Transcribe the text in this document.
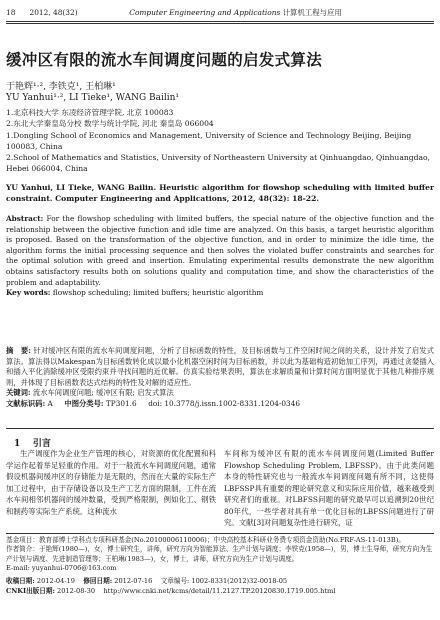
18 2012, 48(32)	Computer Engineering and Applications 计算机工程与应用
缓冲区有限的流水车间调度问题的启发式算法
于艳辉¹·², 李铁克¹, 王柏琳¹
YU Yanhui¹·², LI Tieke¹, WANG Bailin¹
1.北京科技大学 东凌经济管理学院, 北京 100083
2.东北大学秦皇岛分校 数学与统计学院, 河北 秦皇岛 066004
1.Dongling School of Economics and Management, University of Science and Technology Beijing, Beijing 100083, China
2.School of Mathematics and Statistics, University of Northeastern University at Qinhuangdao, Qinhuangdao, Hebei 066004, China
YU Yanhui, LI Tieke, WANG Bailin. Heuristic algorithm for flowshop scheduling with limited buffer constraint. Computer Engineering and Applications, 2012, 48(32): 18-22.
Abstract: For the flowshop scheduling with limited buffers, the special nature of the objective function and the relationship between the objective function and idle time are analyzed. On this basis, a target heuristic algorithm is proposed. Based on the transformation of the objective function, and in order to minimize the idle time, the algorithm forms the initial processing sequence and then solves the violated buffer constraints and searches for the optimal solution with greed and insertion. Emulating experimental results demonstrate the new algorithm obtains satisfactory results both on solutions quality and computation time, and show the characteristics of the problem and adaptability.
Key words: flowshop scheduling; limited buffers; heuristic algorithm
摘　要: 针对缓冲区有限的流水车间调度问题，分析了目标函数的特性，及目标函数与工件空闲时间之间的关系，设计并发了启发式算法。算法得以Makespan为目标函数转化成以最小化机器空闲时间为目标函数，并以此为基础构造初始加工序列，再通过贪婪插入和插入平化消除缓冲区受限约束并寻找问题的近优解。仿真实验结果表明，算法在求解质量和计算时间方面明显优于其他几种排序规则，并体现了目标函数表达式结构的特性及对解的适应性。
关键词: 流水车间调度问题; 缓冲区有限; 启发式算法
文献标识码: A 中图分类号: TP301.6 doi: 10.3778/j.issn.1002-8331.1204-0346
1 引言
生产调度作为企业生产管理的核心，对资源的优化配置和科学运作起着举足轻重的作用。对于一般流水车间调度问题，通常假设机器间缓冲区的存储能力是无限的，然而在大量的实际生产加工过程中，由于存储设备以及生产工艺方面的限制，工件在流水车间相邻机器间的缓冲数量，受到严格限制，例如化工、钢铁和制药等实际生产系统。这种流水
车间称为缓冲区有限的流水车间调度问题(Limited Buffer Flowshop Scheduling Problem, LBFSSP)。由于此类问题本身的特性研究也与一般流水车间调度问题有所不同，这使得LBFSSP具有重要的理论研究意义和实际应用价值，越来越受到研究者们的重视。对LBFSS问题的研究最早可以追溯到20世纪80年代，一些学者对具有单一优化目标的LBFSS问题进行了研究。文献[3]对问题复杂性进行研究，证
基金项目：教育部博士学科点专项科研基金(No.20100006110006)；中央高校基本科研业务费专项资金资助(No.FRF-AS-11-013B)。
作者简介：于艳辉(1980—)，女，博士研究生，讲师，研究方向为智能算法、生产计划与调度；李铁克(1958—)，男，博士生导师，研究方向为生产计划与调度、先进制造管理等；王柏琳(1983—)，女，博士，讲师，研究方向为生产计划与调度。
E-mail: yuyanhui-0706@163.com
收稿日期: 2012-04-19 修回日期: 2012-07-16 文章编号: 1002-8331(2012)32-0018-05
CNKI出版日期: 2012-08-30 http://www.cnki.net/kcms/detail/11.2127.TP.20120830.1719.005.html
